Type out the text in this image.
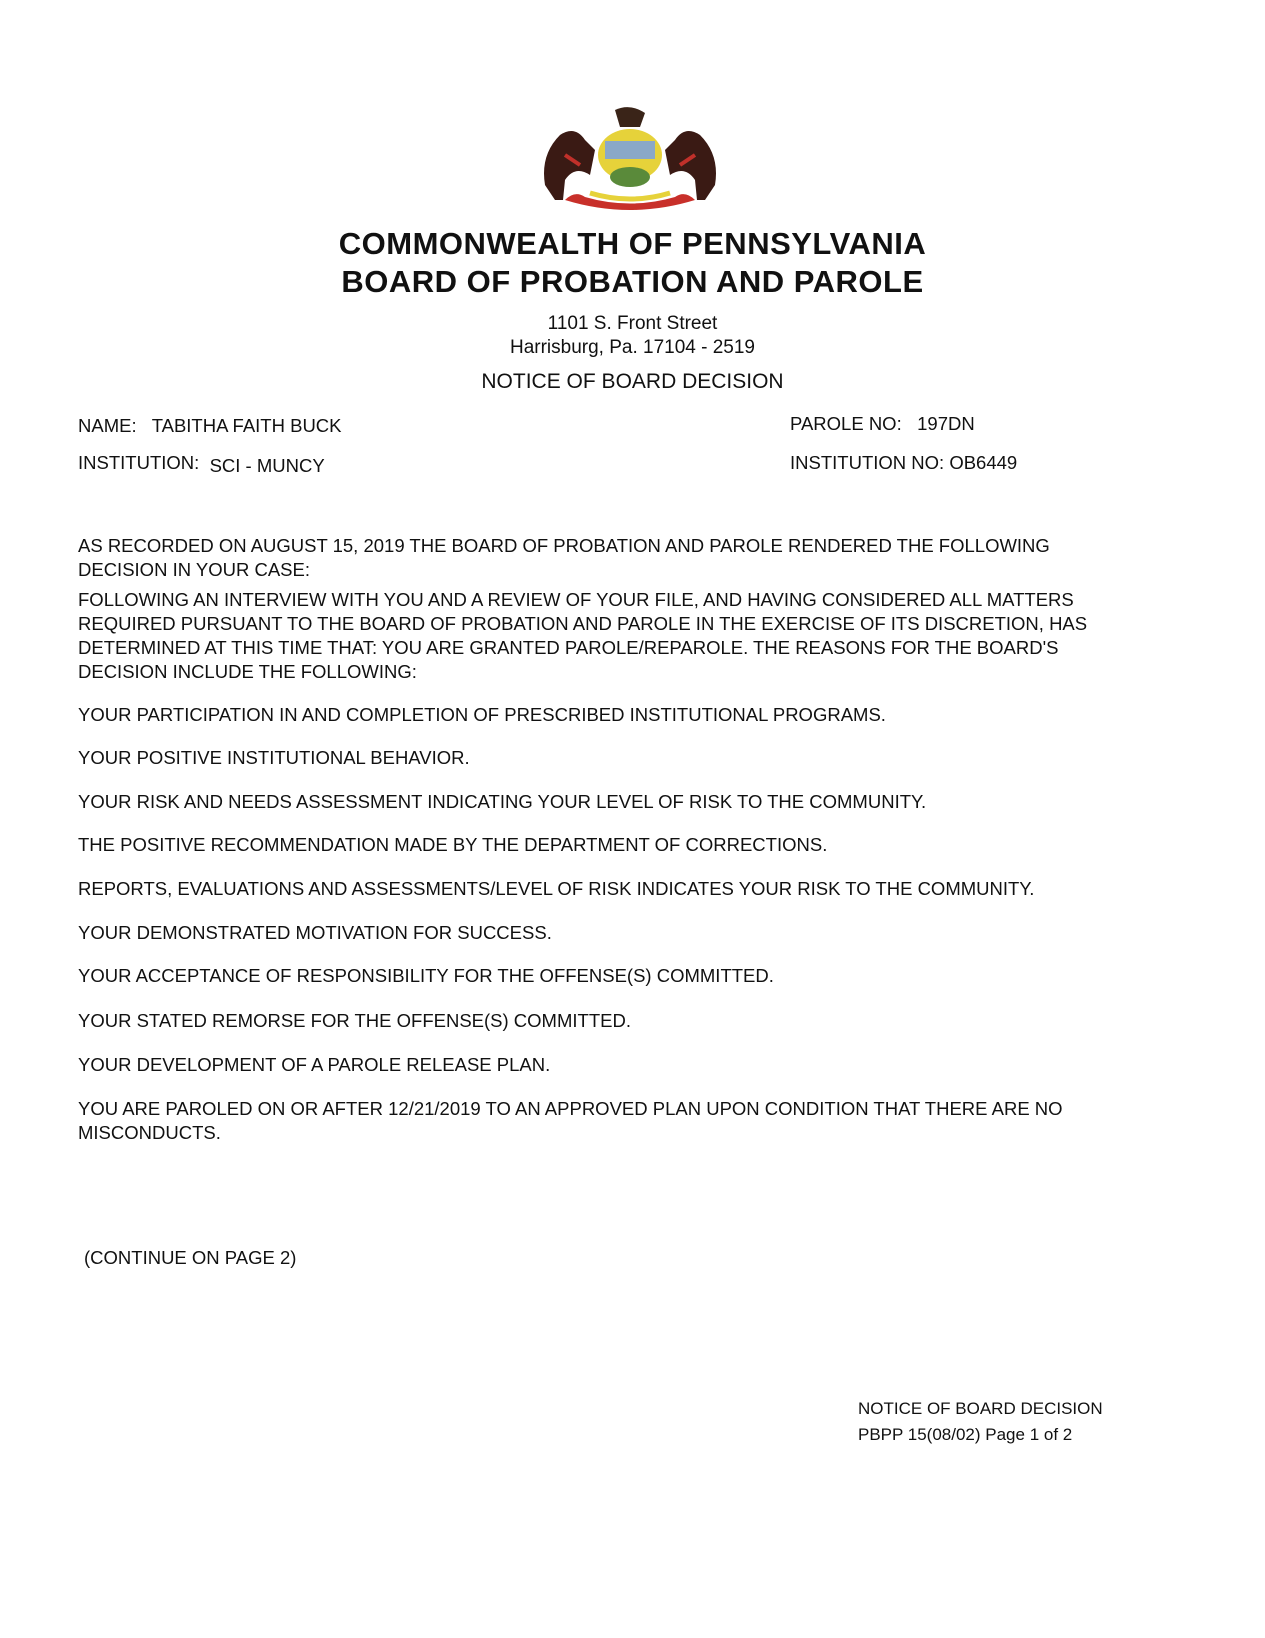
COMMONWEALTH OF PENNSYLVANIA
BOARD OF PROBATION AND PAROLE
1101 S. Front Street
Harrisburg, Pa. 17104 - 2519
NOTICE OF BOARD DECISION
NAME: TABITHA FAITH BUCK
INSTITUTION: SCI - MUNCY
PAROLE NO: 197DN
INSTITUTION NO: OB6449
AS RECORDED ON AUGUST 15, 2019 THE BOARD OF PROBATION AND PAROLE RENDERED THE FOLLOWING DECISION IN YOUR CASE:
FOLLOWING AN INTERVIEW WITH YOU AND A REVIEW OF YOUR FILE, AND HAVING CONSIDERED ALL MATTERS REQUIRED PURSUANT TO THE BOARD OF PROBATION AND PAROLE IN THE EXERCISE OF ITS DISCRETION, HAS DETERMINED AT THIS TIME THAT: YOU ARE GRANTED PAROLE/REPAROLE. THE REASONS FOR THE BOARD'S DECISION INCLUDE THE FOLLOWING:
YOUR PARTICIPATION IN AND COMPLETION OF PRESCRIBED INSTITUTIONAL PROGRAMS.
YOUR POSITIVE INSTITUTIONAL BEHAVIOR.
YOUR RISK AND NEEDS ASSESSMENT INDICATING YOUR LEVEL OF RISK TO THE COMMUNITY.
THE POSITIVE RECOMMENDATION MADE BY THE DEPARTMENT OF CORRECTIONS.
REPORTS, EVALUATIONS AND ASSESSMENTS/LEVEL OF RISK INDICATES YOUR RISK TO THE COMMUNITY.
YOUR DEMONSTRATED MOTIVATION FOR SUCCESS.
YOUR ACCEPTANCE OF RESPONSIBILITY FOR THE OFFENSE(S) COMMITTED.
YOUR STATED REMORSE FOR THE OFFENSE(S) COMMITTED.
YOUR DEVELOPMENT OF A PAROLE RELEASE PLAN.
YOU ARE PAROLED ON OR AFTER 12/21/2019 TO AN APPROVED PLAN UPON CONDITION THAT THERE ARE NO MISCONDUCTS.
(CONTINUE ON PAGE 2)
NOTICE OF BOARD DECISION
PBPP 15(08/02) Page 1 of 2
